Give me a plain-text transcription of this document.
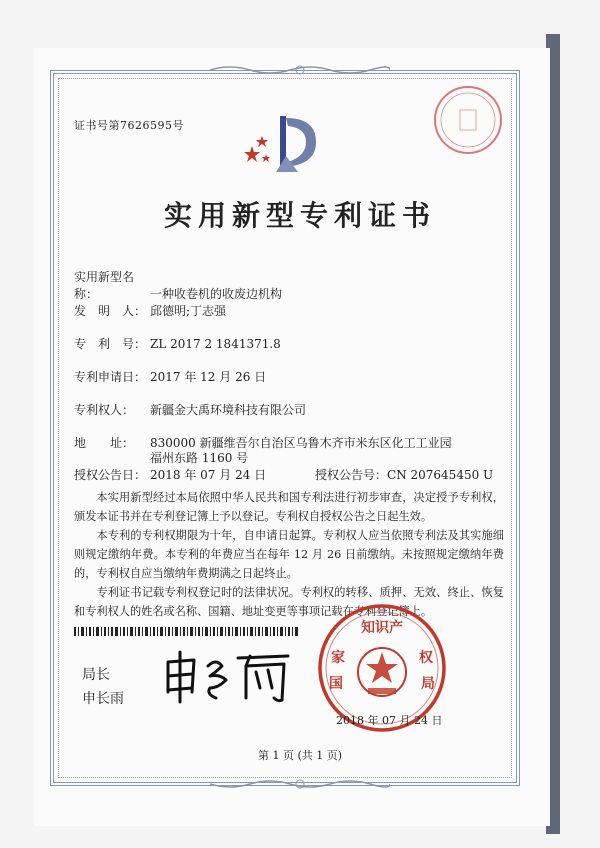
证书号第7626595号
实用新型专利证书
实用新型名称：	一种收卷机的收废边机构
发　明　人： 邱德明;丁志强
专　利　号： ZL 2017 2 1841371.8
专利申请日： 2017 年 12 月 26 日
专利权人： 新疆金大禹环境科技有限公司
地　　址： 830000 新疆维吾尔自治区乌鲁木齐市米东区化工工业园
福州东路 1160 号
授权公告日： 2018 年 07 月 24 日	授权公告号：CN 207645450 U
本实用新型经过本局依照中华人民共和国专利法进行初步审查，决定授予专利权，颁发本证书并在专利登记簿上予以登记。专利权自授权公告之日起生效。
本专利的专利权期限为十年，自申请日起算。专利权人应当依照专利法及其实施细则规定缴纳年费。本专利的年费应当在每年 12 月 26 日前缴纳。未按照规定缴纳年费的，专利权自应当缴纳年费期满之日起终止。
专利证书记载专利权登记时的法律状况。专利权的转移、质押、无效、终止、恢复和专利权人的姓名或名称、国籍、地址变更等事项记载在专利登记簿上。
局长
申长雨
知识产
家
国
权
局
2018 年 07 月 24 日
第 1 页 (共 1 页)
